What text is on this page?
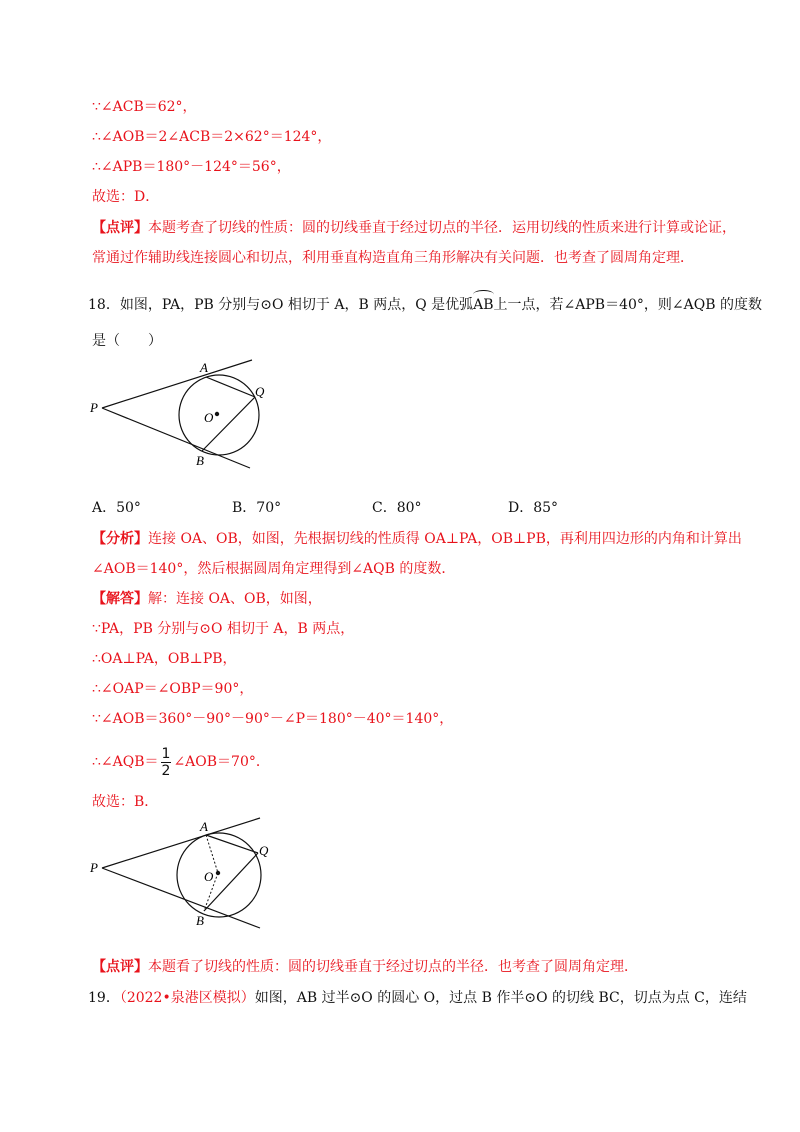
∵∠ACB＝62°，
∴∠AOB＝2∠ACB＝2×62°＝124°，
∴∠APB＝180°－124°＝56°，
故选：D．
【点评】本题考查了切线的性质：圆的切线垂直于经过切点的半径．运用切线的性质来进行计算或论证，
常通过作辅助线连接圆心和切点，利用垂直构造直角三角形解决有关问题．也考查了圆周角定理．
18．如图，PA，PB 分别与⊙O 相切于 A，B 两点，Q 是优弧AB上一点，若∠APB＝40°，则∠AQB 的度数
是（　　）
P
A
Q
O
B
A．50°	B．70°	C．80°	D．85°
【分析】连接 OA、OB，如图，先根据切线的性质得 OA⊥PA，OB⊥PB，再利用四边形的内角和计算出
∠AOB＝140°，然后根据圆周角定理得到∠AQB 的度数．
【解答】解：连接 OA、OB，如图，
∵PA，PB 分别与⊙O 相切于 A，B 两点，
∴OA⊥PA，OB⊥PB，
∴∠OAP＝∠OBP＝90°，
∵∠AOB＝360°－90°－90°－∠P＝180°－40°＝140°，
∴∠AQB＝ $\frac{1}{2}$ ∠AOB＝70°．
故选：B．
P
A
Q
O
B
【点评】本题看了切线的性质：圆的切线垂直于经过切点的半径．也考查了圆周角定理．
19．（2022•泉港区模拟）如图，AB 过半⊙O 的圆心 O，过点 B 作半⊙O 的切线 BC，切点为点 C，连结
